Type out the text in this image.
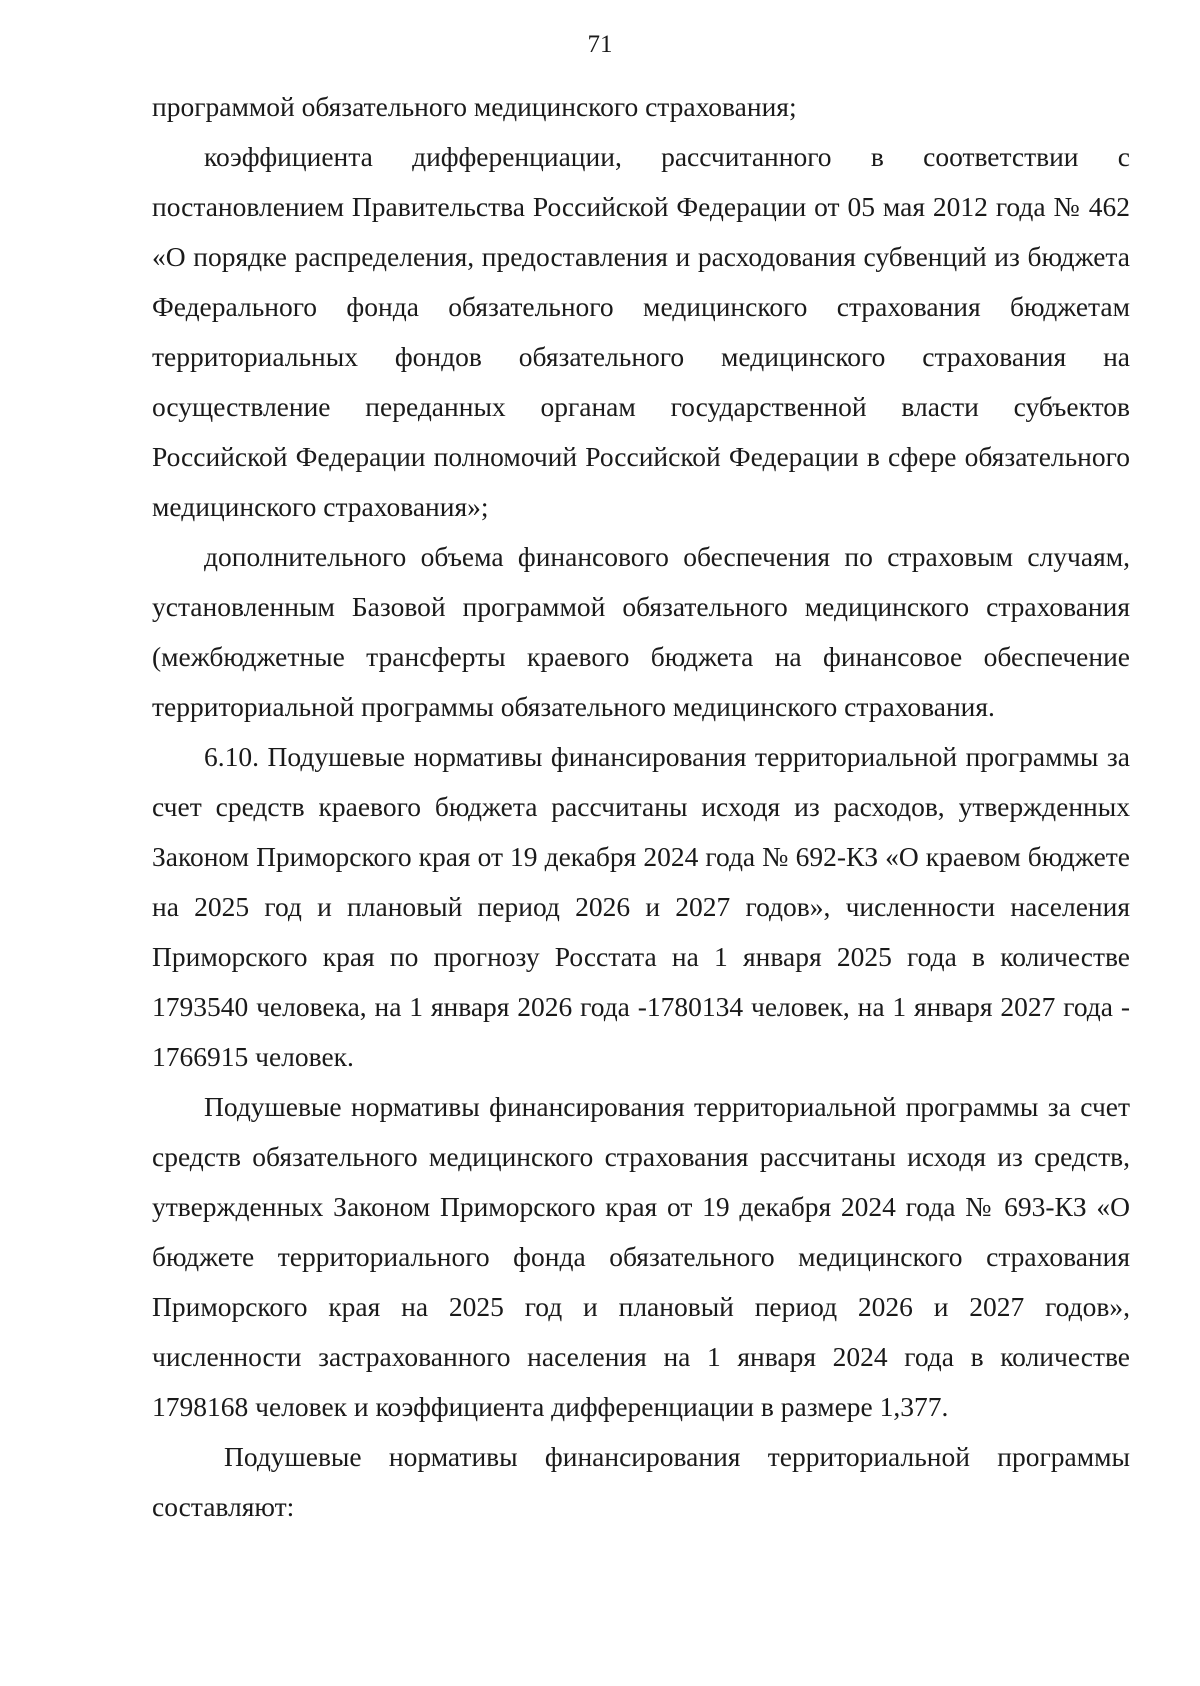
71

программой обязательного медицинского страхования;

коэффициента дифференциации, рассчитанного в соответствии с постановлением Правительства Российской Федерации от 05 мая 2012 года № 462 «О порядке распределения, предоставления и расходования субвенций из бюджета Федерального фонда обязательного медицинского страхования бюджетам территориальных фондов обязательного медицинского страхования на осуществление переданных органам государственной власти субъектов Российской Федерации полномочий Российской Федерации в сфере обязательного медицинского страхования»;

дополнительного объема финансового обеспечения по страховым случаям, установленным Базовой программой обязательного медицинского страхования (межбюджетные трансферты краевого бюджета на финансовое обеспечение территориальной программы обязательного медицинского страхования.

6.10. Подушевые нормативы финансирования территориальной программы за счет средств краевого бюджета рассчитаны исходя из расходов, утвержденных Законом Приморского края от 19 декабря 2024 года № 692-КЗ «О краевом бюджете на 2025 год и плановый период 2026 и 2027 годов», численности населения Приморского края по прогнозу Росстата на 1 января 2025 года в количестве 1793540 человека, на 1 января 2026 года -1780134 человек, на 1 января 2027 года - 1766915 человек.

Подушевые нормативы финансирования территориальной программы за счет средств обязательного медицинского страхования рассчитаны исходя из средств, утвержденных Законом Приморского края от 19 декабря 2024 года № 693-КЗ «О бюджете территориального фонда обязательного медицинского страхования Приморского края на 2025 год и плановый период 2026 и 2027 годов», численности застрахованного населения на 1 января 2024 года в количестве 1798168 человек и коэффициента дифференциации в размере 1,377.

Подушевые нормативы финансирования территориальной программы составляют:
